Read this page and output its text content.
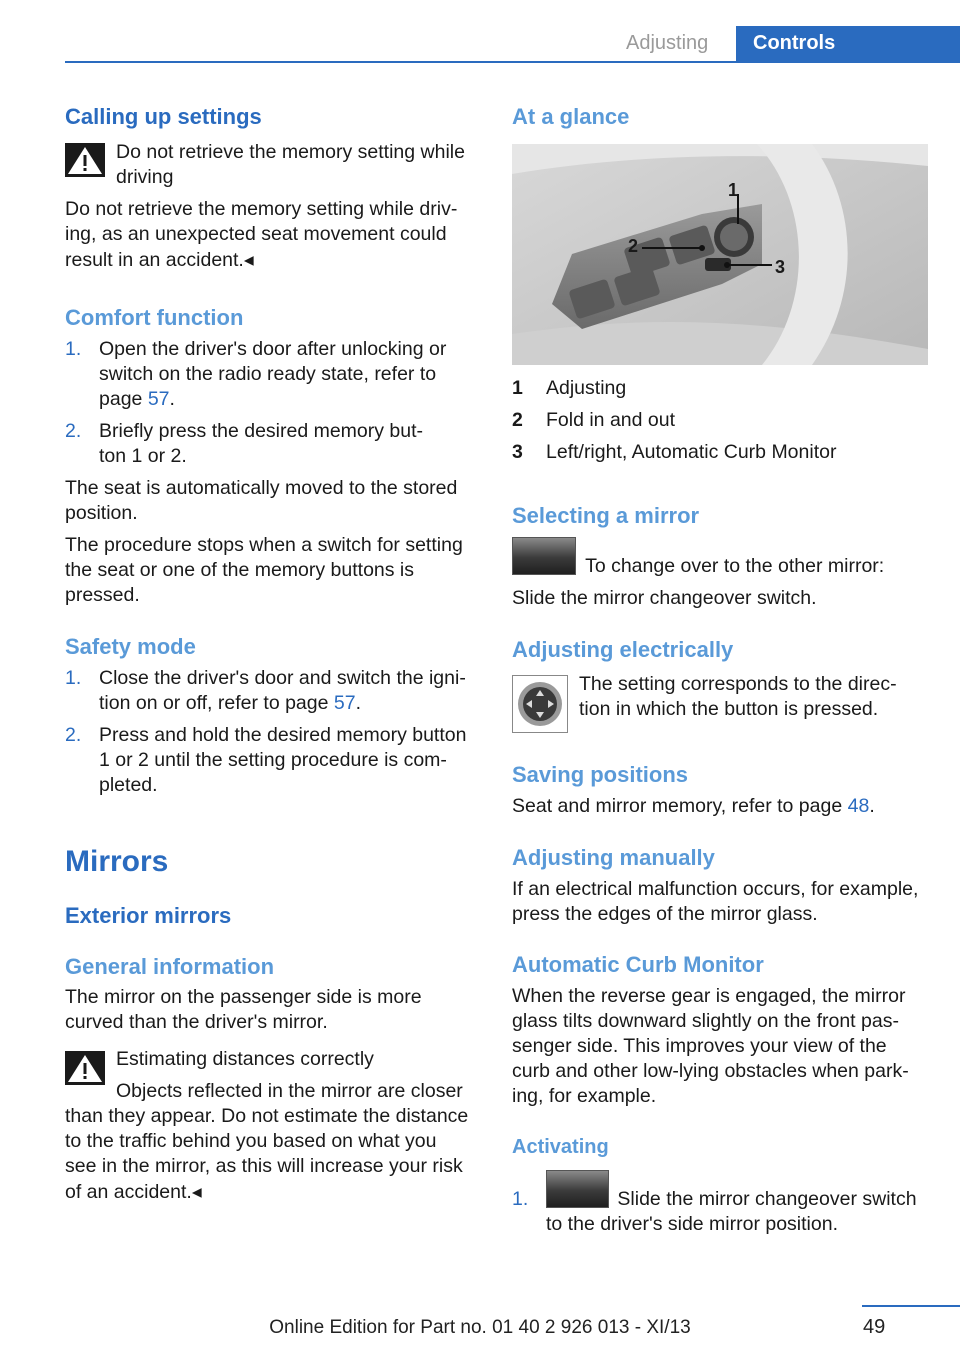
Adjusting	Controls
Calling up settings
Do not retrieve the memory setting while
driving
Do not retrieve the memory setting while driv‐
ing, as an unexpected seat movement could
result in an accident.◂
Comfort function
1. Open the driver's door after unlocking or
switch on the radio ready state, refer to
page 57.
2. Briefly press the desired memory but‐
ton 1 or 2.
The seat is automatically moved to the stored
position.
The procedure stops when a switch for setting
the seat or one of the memory buttons is
pressed.
Safety mode
1. Close the driver's door and switch the igni‐
tion on or off, refer to page 57.
2. Press and hold the desired memory button
1 or 2 until the setting procedure is com‐
pleted.
Mirrors
Exterior mirrors
General information
The mirror on the passenger side is more
curved than the driver's mirror.
Estimating distances correctly
Objects reflected in the mirror are closer
than they appear. Do not estimate the distance
to the traffic behind you based on what you
see in the mirror, as this will increase your risk
of an accident.◂
At a glance
1
2
3
1 Adjusting
2 Fold in and out
3 Left/right, Automatic Curb Monitor
Selecting a mirror
To change over to the other mirror:
Slide the mirror changeover switch.
Adjusting electrically
The setting corresponds to the direc‐
tion in which the button is pressed.
Saving positions
Seat and mirror memory, refer to page 48.
Adjusting manually
If an electrical malfunction occurs, for example,
press the edges of the mirror glass.
Automatic Curb Monitor
When the reverse gear is engaged, the mirror
glass tilts downward slightly on the front pas‐
senger side. This improves your view of the
curb and other low-lying obstacles when park‐
ing, for example.
Activating
1.	Slide the mirror changeover switch
to the driver's side mirror position.
49
Online Edition for Part no. 01 40 2 926 013 - XI/13
